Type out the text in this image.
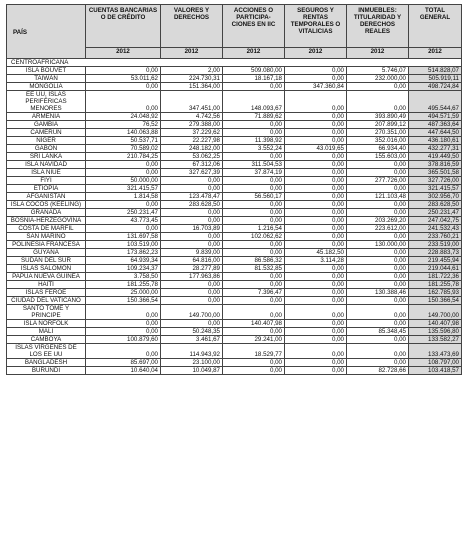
PAÍS	CUENTAS BANCARIAS O DE CRÉDITO	VALORES Y DERECHOS	ACCIONES O PARTICIPA-CIONES EN IIC	SEGUROS Y RENTAS TEMPORALES O VITALICIAS	INMUEBLES: TITULARIDAD Y DERECHOS REALES	TOTAL GENERAL
	2012	2012	2012	2012	2012	2012
CENTROAFRICANA						
ISLA BOUVET	0,00	2,00	509.080,00	0,00	5.746,07	514.828,07
TAIWÁN	53.011,62	224.730,31	18.167,18	0,00	232.000,00	505.919,11
MONGOLIA	0,00	151.364,00	0,00	347.360,84	0,00	498.724,84
EE UU, ISLAS PERIFÉRICAS MENORES	0,00	347.451,00	148.093,67	0,00	0,00	495.544,67
ARMENIA	24.048,92	4.742,56	71.889,62	0,00	393.890,49	494.571,59
GAMBIA	76,52	279.388,00	0,00	0,00	207.899,12	487.363,64
CAMERÚN	140.063,88	37.229,62	0,00	0,00	270.351,00	447.644,50
NÍGER	50.537,71	22.227,98	11.398,92	0,00	352.016,00	436.180,61
GABÓN	70.589,02	248.182,00	3.552,24	43.019,65	66.934,40	432.277,31
SRI LANKA	210.784,25	53.062,25	0,00	0,00	155.603,00	419.449,50
ISLA NAVIDAD	0,00	67.312,06	311.504,53	0,00	0,00	378.816,59
ISLA NIUE	0,00	327.627,39	37.874,19	0,00	0,00	365.501,58
FIYI	50.000,00	0,00	0,00	0,00	277.726,00	327.726,00
ETIOPÍA	321.415,57	0,00	0,00	0,00	0,00	321.415,57
AFGANISTAN	1.814,58	123.478,47	56.560,17	0,00	121.103,48	302.956,70
ISLA COCOS (KEELING)	0,00	283.628,50	0,00	0,00	0,00	283.628,50
GRANADA	250.231,47	0,00	0,00	0,00	0,00	250.231,47
BOSNIA-HERZEGOVINA	43.773,45	0,00	0,00	0,00	203.269,20	247.042,75
COSTA DE MARFIL	0,00	16.703,89	1.216,54	0,00	223.612,00	241.532,43
SAN MARINO	131.697,58	0,00	102.062,62	0,00	0,00	233.760,21
POLINESIA FRANCESA	103.519,00	0,00	0,00	0,00	130.000,00	233.519,00
GUYANA	173.862,23	9.839,00	0,00	45.182,50	0,00	228.883,73
SUDÁN DEL SUR	64.939,34	64.816,00	86.586,32	3.114,28	0,00	219.455,94
ISLAS SALOMÓN	109.234,37	28.277,89	81.532,85	0,00	0,00	219.044,61
PAPUA NUEVA GUINEA	3.758,50	177.963,86	0,00	0,00	0,00	181.722,36
HAITÍ	181.255,78	0,00	0,00	0,00	0,00	181.255,78
ISLAS FEROE	25.000,00	0,00	7.396,47	0,00	130.388,46	162.785,93
CIUDAD DEL VATICANO	150.366,54	0,00	0,00	0,00	0,00	150.366,54
SANTO TOME Y PRINCIPE	0,00	149.700,00	0,00	0,00	0,00	149.700,00
ISLA NORFOLK	0,00	0,00	140.407,98	0,00	0,00	140.407,98
MALI	0,00	50.248,35	0,00	0,00	85.348,45	135.596,80
CAMBOYA	100.879,60	3.461,67	29.241,00	0,00	0,00	133.582,27
ISLAS VÍRGENES DE LOS EE UU	0,00	114.943,92	18.529,77	0,00	0,00	133.473,69
BANGLADESH	85.697,00	23.100,00	0,00	0,00	0,00	108.797,00
BURUNDI	10.640,04	10.049,87	0,00	0,00	82.728,66	103.418,57
